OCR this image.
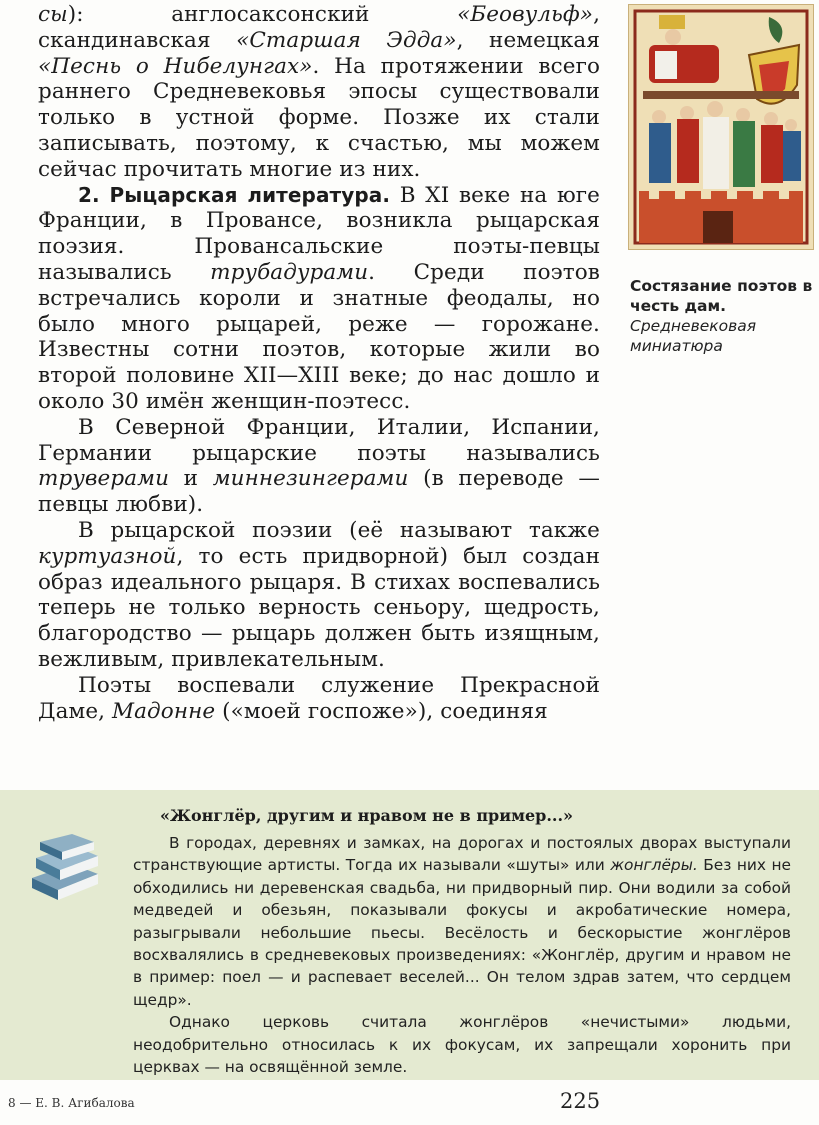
сы): англосаксонский «Беовульф», скандинавская «Старшая Эдда», немецкая «Песнь о Нибелунгах». На протяжении всего раннего Средневековья эпосы существовали только в устной форме. Позже их стали записывать, поэтому, к счастью, мы можем сейчас прочитать многие из них.

2. Рыцарская литература. В XI веке на юге Франции, в Провансе, возникла рыцарская поэзия. Провансальские поэты-певцы назывались трубадурами. Среди поэтов встречались короли и знатные феодалы, но было много рыцарей, реже — горожане. Известны сотни поэтов, которые жили во второй половине XII—XIII веке; до нас дошло и около 30 имён женщин-поэтесс.

В Северной Франции, Италии, Испании, Германии рыцарские поэты назывались труверами и миннезингерами (в переводе — певцы любви).

В рыцарской поэзии (её называют также куртуазной, то есть придворной) был создан образ идеального рыцаря. В стихах воспевались теперь не только верность сеньору, щедрость, благородство — рыцарь должен быть изящным, вежливым, привлекательным.

Поэты воспевали служение Прекрасной Даме, Мадонне («моей госпоже»), соединяя

Состязание поэтов в честь дам.
Средневековая миниатюра
«Жонглёр, другим и нравом не в пример...»

В городах, деревнях и замках, на дорогах и постоялых дворах выступали странствующие артисты. Тогда их называли «шуты» или жонглёры. Без них не обходились ни деревенская свадьба, ни придворный пир. Они водили за собой медведей и обезьян, показывали фокусы и акробатические номера, разыгрывали небольшие пьесы. Весёлость и бескорыстие жонглёров восхвалялись в средневековых произведениях: «Жонглёр, другим и нравом не в пример: поел — и распевает веселей... Он телом здрав затем, что сердцем щедр».

Однако церковь считала жонглёров «нечистыми» людьми, неодобрительно относилась к их фокусам, их запрещали хоронить при церквах — на освящённой земле.

8 — Е. В. Агибалова	225
